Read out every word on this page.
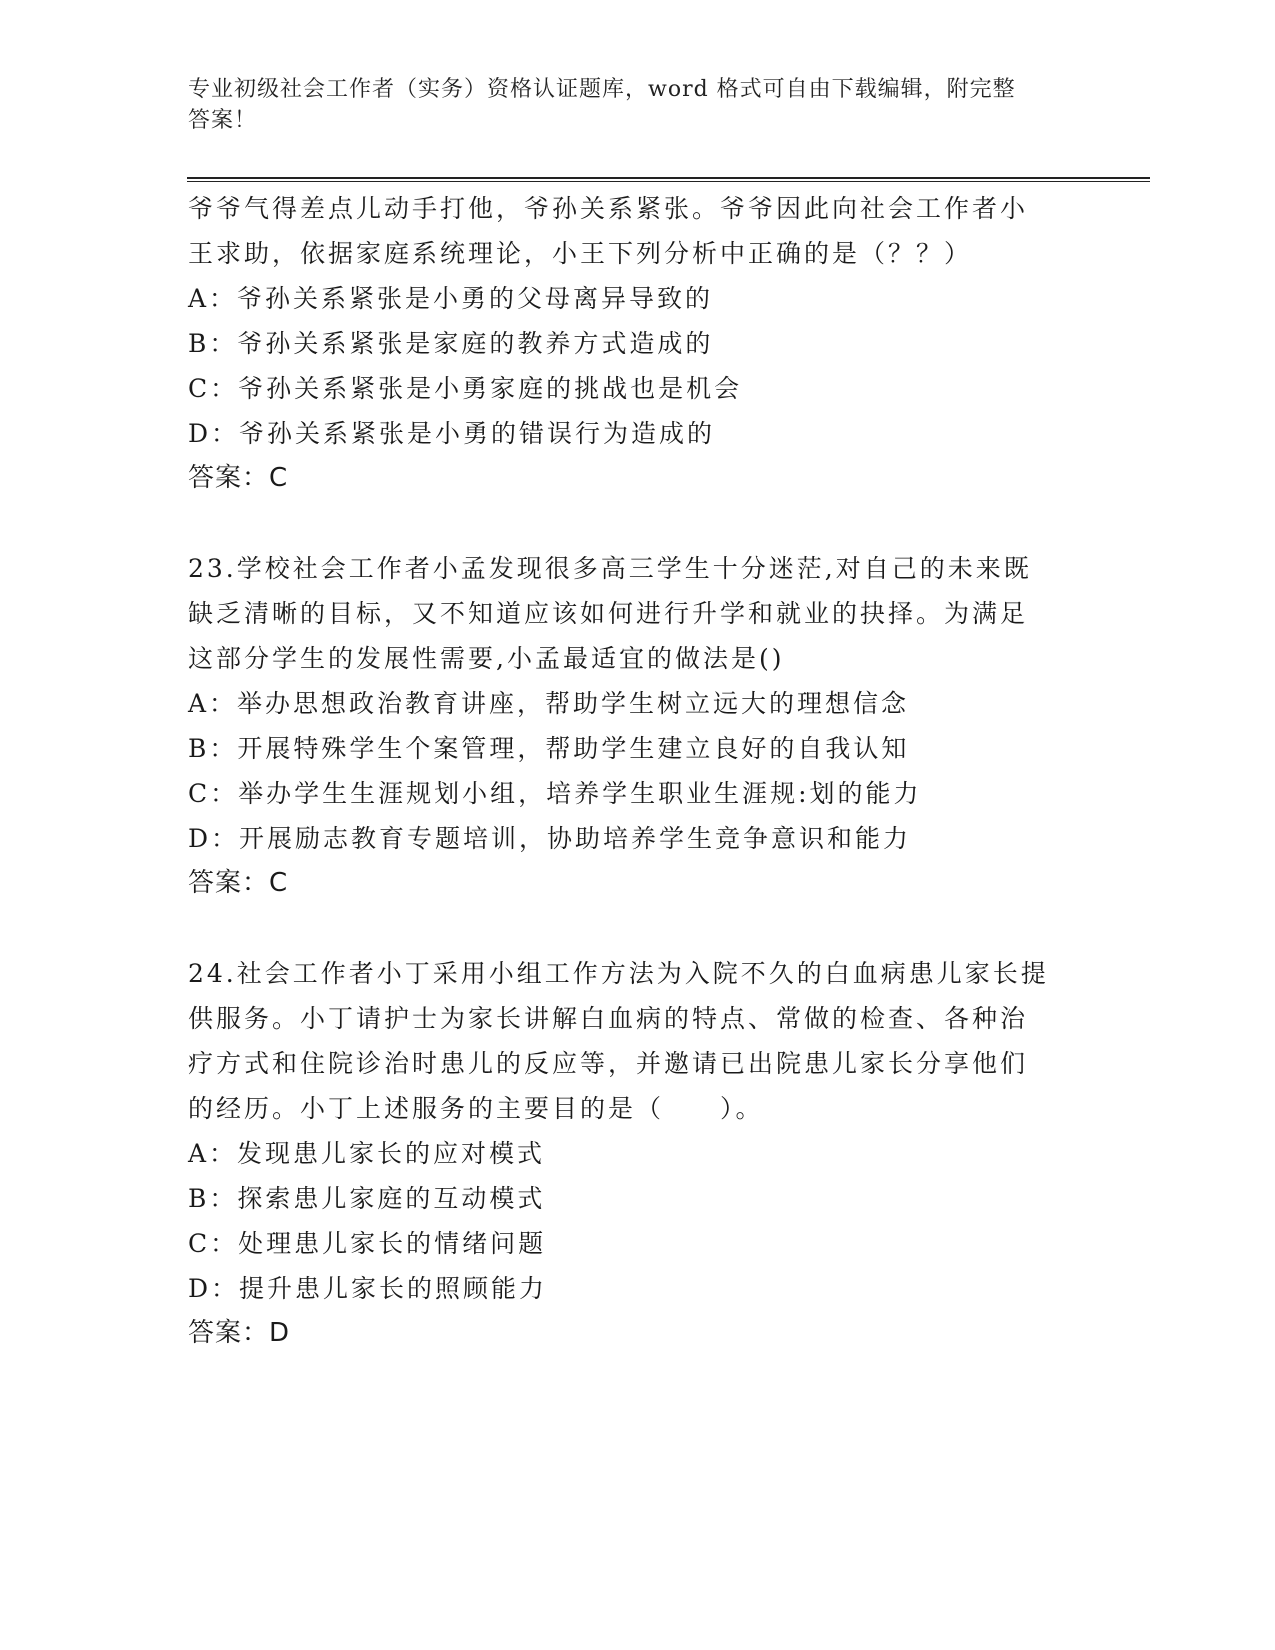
专业初级社会工作者（实务）资格认证题库，word 格式可自由下载编辑，附完整
答案！
爷爷气得差点儿动手打他，爷孙关系紧张。爷爷因此向社会工作者小
王求助，依据家庭系统理论，小王下列分析中正确的是（？？）
A：爷孙关系紧张是小勇的父母离异导致的
B：爷孙关系紧张是家庭的教养方式造成的
C：爷孙关系紧张是小勇家庭的挑战也是机会
D：爷孙关系紧张是小勇的错误行为造成的
答案：C
23.学校社会工作者小孟发现很多高三学生十分迷茫,对自己的未来既
缺乏清晰的目标，又不知道应该如何进行升学和就业的抉择。为满足
这部分学生的发展性需要,小孟最适宜的做法是()
A：举办思想政治教育讲座，帮助学生树立远大的理想信念
B：开展特殊学生个案管理，帮助学生建立良好的自我认知
C：举办学生生涯规划小组，培养学生职业生涯规:划的能力
D：开展励志教育专题培训，协助培养学生竞争意识和能力
答案：C
24.社会工作者小丁采用小组工作方法为入院不久的白血病患儿家长提
供服务。小丁请护士为家长讲解白血病的特点、常做的检查、各种治
疗方式和住院诊治时患儿的反应等，并邀请已出院患儿家长分享他们
的经历。小丁上述服务的主要目的是（　　）。
A：发现患儿家长的应对模式
B：探索患儿家庭的互动模式
C：处理患儿家长的情绪问题
D：提升患儿家长的照顾能力
答案：D
